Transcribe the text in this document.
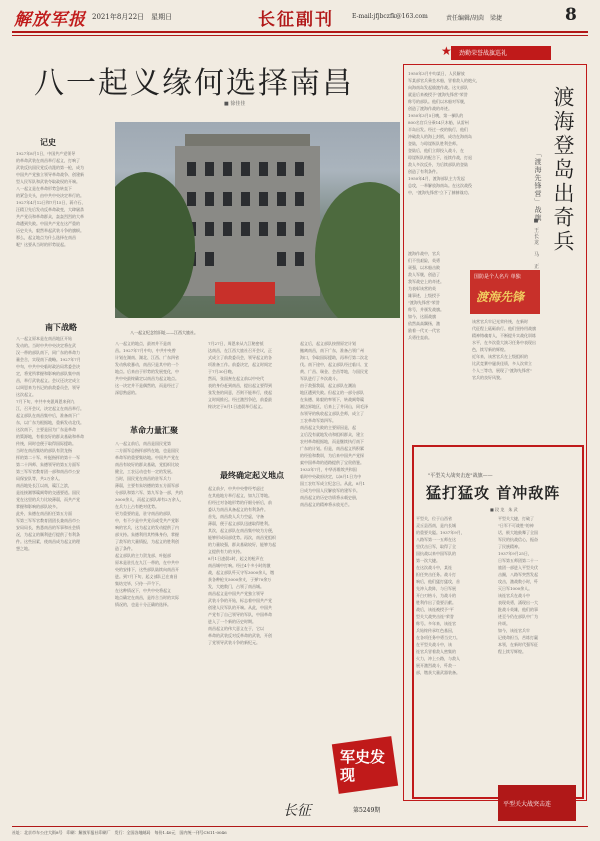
解放军报 2021年8月22日　星期日	长征副刊	E-mail:jfjbczfk@163.com	责任编辑/胡茵　梁捷	8
八一起义缘何选择南昌
■ 徐佳佳
八一起义纪念馆旧址——江西大旅社。
记史
1927年8月1日，中国共产党领导
的革命武装在南昌举行起义，打响了
武装反抗国民党反动派的第一枪，成为
中国共产党独立领导革命战争、创建新
型人民军队和武装夺取政权的开端。
八一起义是在革命形势急转直下
的紧急关头，由中共中央决定举行的。
1927年4月12日和7月15日，蒋介石、
汪精卫先后发动反革命政变，大肆屠杀
共产党员和革命群众，轰轰烈烈的大革
命遭到失败。中国共产党在这严重的
历史关头，毅然举起武装斗争的旗帜。
那么，起义地点为什么选择在南昌
呢？这要从当时的形势说起。
南下战略
八一起义原本是在南昌地区开始
发动的。当时中共中央决定将在武
汉一带的部队南下，同广东的革命力
量会合，实现南下战略。1927年7月
中旬，中共中央临时政治局常委会决
定，将党所掌握和影响的部队集中南
昌，举行武装起义。会议还决定成立
以周恩来为书记的前敌委员会，领导
这次起义。
7月下旬，中共中央派周恩来到九
江，召开会议，决定起义在南昌举行。
起义部队在南昌集中后，准备南下广
东，以广东为根据地，重新发动北伐。
这次南下，主要是因为广东是革命
的策源地，有着良好的群众基础和革命
传统，同时也便于取得国际援助。
当时在南昌集结的部队有贺龙指
挥的第二十军、叶挺指挥的第十一军
第二十四师、朱德领导的第五方面军
第三军军官教育团一部和南昌市公安
局保安队等，共2万余人。
南昌地处长江以南，赣江之滨，
是连接湘鄂赣闽粤的交通要道。国民
党在这里的兵力比较薄弱，而共产党
掌握和影响的部队较多。
此外，朱德在南昌担任第五方面
军第三军军官教育团团长兼南昌市公
安局局长，熟悉南昌的军事和社会情
况，为起义的顺利进行提供了有利条
件。这些因素，使南昌成为起义的理
想之地。
八一起义的地点，最初并不是南
昌。1927年7月中旬，中共中央曾
计划在湖南、湖北、江西、广东四省
发动秋收暴动，南昌只是其中的一个
地点。后来由于形势的发展变化，中
共中央最终确定以南昌为起义地点。
这一决定并不是偶然的，而是经过了
深思熟虑的。
革命力量汇聚
八一起义前后，南昌是国民党第
二方面军总指挥部所在地，也是国民
革命军的重要集结地。中国共产党在
南昌有较好的群众基础，党组织比较
健全，工农运动也有一定的发展。
当时，国民党在南昌的驻军兵力
薄弱，主要有朱培德的第五方面军部
分部队和第六军、第九军各一部，共约
3000余人，而起义部队却有2万余人，
在兵力上占有绝对优势。
更为重要的是，驻守南昌的部队
中，有不少是中共党员或受共产党影
响的官兵，这为起义的发动提供了内
部支持。朱德利用其特殊身份，掌握
了敌军的大量情报，为起义的胜利创
造了条件。
起义部队的主力贺龙部、叶挺部
原本是驻扎在九江一带的，在中共中
央的安排下，这些部队陆续向南昌开
进。到7月下旬，起义部队已在南昌
集结完毕，只待一声令下。
在这种情况下，中共中央将起义
地点确定在南昌，是符合当时的实际
情况的，也是十分正确的选择。
7月27日，周恩来从九江秘密抵
达南昌，在江西大旅社召开会议，正
式成立了前敌委员会，领导起义的各
项准备工作。前委决定，起义时间定
于7月30日晚。
然而，张国焘在起义前以中央代
表的身份赶到南昌，提出起义要得到
张发奎的同意，否则不能举行，使起
义时间推迟。经过激烈争论，前委最
终决定于8月1日凌晨举行起义。
最终确定起义地点
起义前夕，中共中央曾经考虑过
在其他地方举行起义，如九江等地。
但经过对各地形势的仔细分析后，前
委认为南昌具备起义的有利条件。
首先，南昌敌人兵力空虚，守备
薄弱，便于起义部队迅速取得胜利。
其次，起义部队在南昌集中较为方便，
能够形成局部优势。再次，南昌党组织
的力量较强，群众基础较好，能够为起
义提供有力的支持。
8月1日凌晨2时，起义的枪声在
南昌城中打响。经过4个多小时的激
战，起义部队歼灭守军3000余人，缴
获各种枪支5000余支，子弹70余万
发，大炮数门，占领了南昌城。
南昌起义是中国共产党独立领导
武装斗争的开始，标志着中国共产党
创建人民军队的开端。从此，中国共
产党有了自己领导的军队，中国革命
进入了一个新的历史时期。
南昌起义的伟大意义在于，它以
革命的武装反对反革命的武装，开创
了党领导武装斗争的新纪元。
起义后，起义部队按照原定计划
撤离南昌，南下广东，准备占领广州
海口，争取国际援助，再举行第二次北
伐。南下途中，起义部队经过临川、宜
黄、广昌、瑞金、会昌等地，与国民党
军队进行了多次战斗。
由于敌强我弱，起义部队在潮汕
地区遭到失败。但起义的一部分部队
在朱德、陈毅的率领下，转战闽粤赣
湘边界地区，后来上了井冈山，同毛泽
东领导的秋收起义部队会师，成立了
工农革命军第四军。
南昌起义失败的主要原因是，起
义后没有就地发动和组织群众，建立
农村革命根据地，而是继续执行南下
广东的计划。但是，南昌起义所积累
的经验和教训，为后来中国共产党探
索中国革命的道路提供了宝贵借鉴。
1933年7月，中华苏维埃共和国
临时中央政府决定，以8月1日为中
国工农红军成立纪念日。从此，8月1
日成为中国人民解放军的建军节。
南昌起义的历史功绩将永载史册，
南昌起义的精神将永放光芒。
军史发现
长征	第5249期
劲勤荣誉战旗巡礼
★
1950年3月中旬某日，人民解放
军某部官兵乘坐木船，冒着敌人的炮火，
向海南岛发起偷渡作战。这支部队
就是后来被授予"渡海先锋营"荣誉
称号的部队。他们以木船对军舰，
创造了渡海作战的奇迹。
1950年3月5日晚，第一梯队的
800名官兵分乘14只木船，从雷州
半岛出发。经过一夜的航行，他们
冲破敌人的海上封锁，成功在海南岛
登陆，与琼崖纵队胜利会师。
登陆后，他们立即投入战斗，在
琼崖纵队的配合下，连续作战，打退
敌人多次反扑，为后续部队的登陆
创造了有利条件。
1950年4月，渡海部队主力发起
总攻，一举解放海南岛。在这次战役
中，"渡海先锋营"立下了赫赫战功。	渡海登岛出奇兵
「渡海先锋营」战旗
■ 王长龙　马　正
渡海作战中，官兵
们不畏艰险，英勇
顽强，以木船击败
敌人军舰，创造了
我军战史上的奇迹。
为表彰该营的英
雄事迹，上级授予
"渡海先锋营"荣誉
称号，并颁发战旗。
如今，这面战旗
依然高高飘扬，激
励着一代又一代官
兵勇往直前。
国防是个人名片 单独
渡海先锋
该营官兵牢记光荣传统，在新时
代征程上砥砺前行。他们坚持用战旗
精神铸魂育人，不断提升实战化训练
水平，在多次重大演习任务中表现出
色，续写新的辉煌。
近年来，该营官兵在上级组织的
比武竞赛中屡获佳绩，多人次荣立
个人三等功，展现了"渡海先锋营"
官兵的良好风貌。
"平型关大战突击连"战旗——
猛打猛攻 首冲敌阵
■ 段 龙　朱 武
平型关，位于山西省
灵丘县西南，是内长城
的重要关隘。1937年9月，
八路军第一一五师在这
里伏击日军，取得了全
国抗战以来中国军队的
第一次大捷。
在这次战斗中，某连
担任突击任务。战斗打
响后，他们猛打猛攻，首
先冲入敌阵，与日军展
开白刃格斗，为战斗的
胜利作出了重要贡献。
战后，该连被授予"平
型关大战突击连"荣誉
称号。多年来，该连官
兵始终传承红色基因，
在各项任务中勇当尖刀。
在平型关战斗中，该
连官兵冒着敌人密集的
火力，冲上公路，与敌人
展开激烈战斗，歼敌一
部，缴获大量武器装备。
平型关大捷，打破了
"日军不可战胜"的神
话，极大地鼓舞了全国
军民的抗战信心，振奋
了民族精神。
1937年9月25日，
日军第五师团第二十一
旅团一部进入平型关伏
击圈，八路军突然发起
攻击，激战数小时，歼
灭日军1000余人。
该连官兵在战斗中
表现英勇，涌现出一大
批战斗英雄，他们的事
迹至今仍在部队中广为
传颂。
如今，该连官兵牢
记使命担当，苦练打赢
本领，在新时代强军征
程上续写辉煌。
平型关大战突击连
社址：北京市车公庄大街8号　印刷：解放军报社印刷厂　发行：全国各地邮局　每份1.40元　国内统一刊号CN11-0046
